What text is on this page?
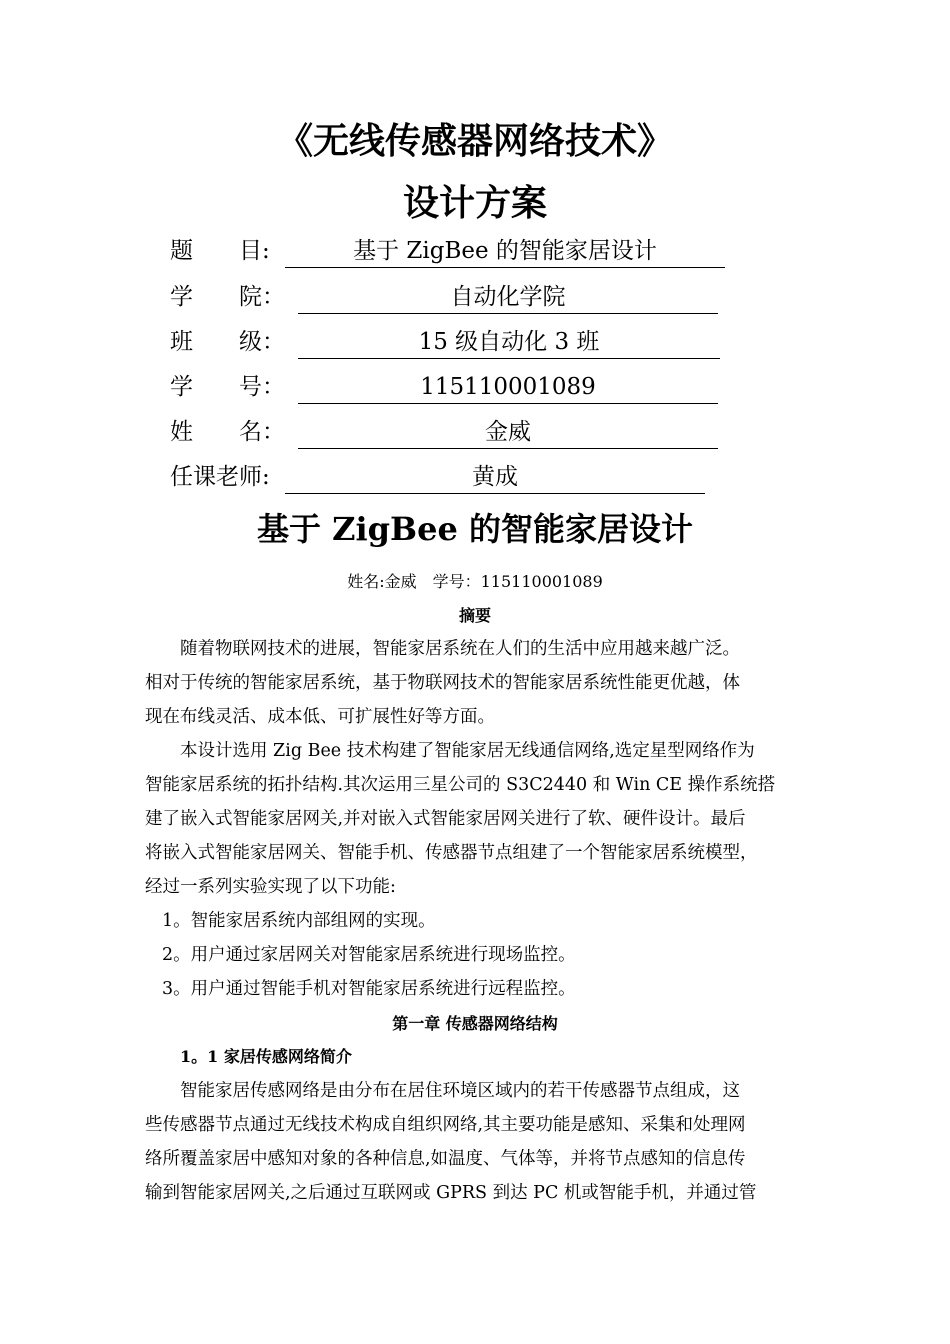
《无线传感器网络技术》
设计方案
题　　目:	基于 ZigBee 的智能家居设计
学　　院：	自动化学院
班　　级：	15 级自动化 3 班
学　　号：	115110001089
姓　　名：	金威
任课老师:	黄成
基于 ZigBee 的智能家居设计
姓名:金威　学号：115110001089
摘要
随着物联网技术的进展，智能家居系统在人们的生活中应用越来越广泛。
相对于传统的智能家居系统，基于物联网技术的智能家居系统性能更优越，体
现在布线灵活、成本低、可扩展性好等方面。
本设计选用 Zig Bee 技术构建了智能家居无线通信网络,选定星型网络作为
智能家居系统的拓扑结构.其次运用三星公司的 S3C2440 和 Win CE 操作系统搭
建了嵌入式智能家居网关,并对嵌入式智能家居网关进行了软、硬件设计。最后
将嵌入式智能家居网关、智能手机、传感器节点组建了一个智能家居系统模型，
经过一系列实验实现了以下功能:
1。智能家居系统内部组网的实现。
2。用户通过家居网关对智能家居系统进行现场监控。
3。用户通过智能手机对智能家居系统进行远程监控。
第一章 传感器网络结构
1。1 家居传感网络简介
智能家居传感网络是由分布在居住环境区域内的若干传感器节点组成，这
些传感器节点通过无线技术构成自组织网络,其主要功能是感知、采集和处理网
络所覆盖家居中感知对象的各种信息,如温度、气体等，并将节点感知的信息传
输到智能家居网关,之后通过互联网或 GPRS 到达 PC 机或智能手机，并通过管
